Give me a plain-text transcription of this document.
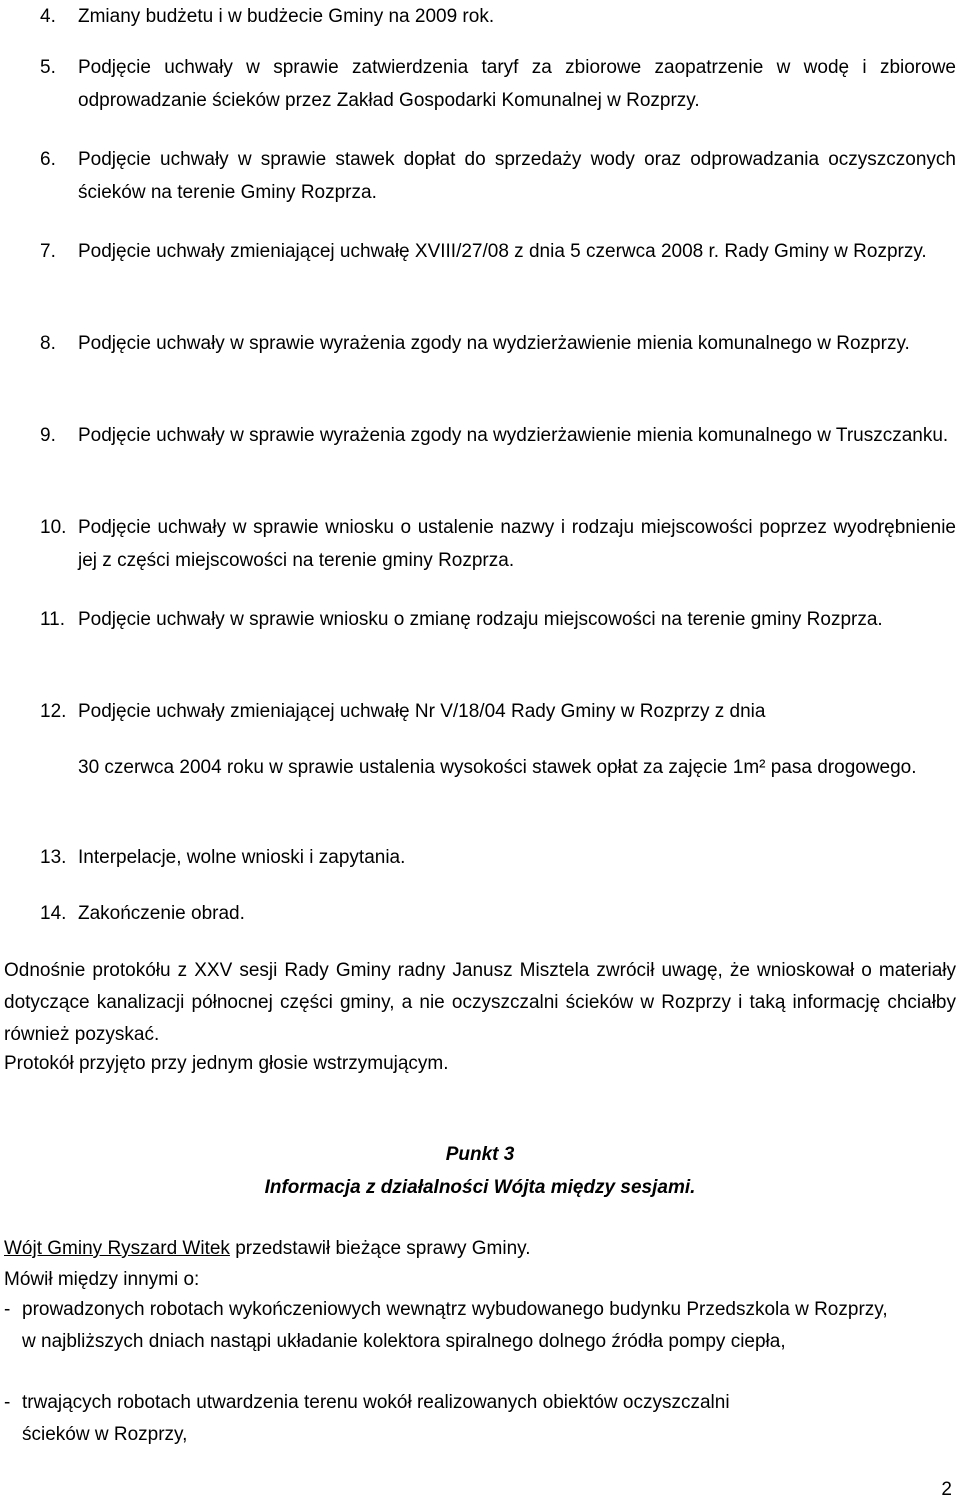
4.	Zmiany budżetu i w budżecie Gminy na 2009 rok.
5.	Podjęcie uchwały w sprawie zatwierdzenia taryf za zbiorowe zaopatrzenie w wodę i zbiorowe odprowadzanie ścieków przez Zakład Gospodarki Komunalnej w Rozprzy.
6.	Podjęcie uchwały w sprawie stawek dopłat do sprzedaży wody oraz odprowadzania oczyszczonych ścieków na terenie Gminy Rozprza.
7.	Podjęcie uchwały zmieniającej uchwałę XVIII/27/08 z dnia 5 czerwca 2008 r. Rady Gminy w Rozprzy.
8.	Podjęcie uchwały w sprawie wyrażenia zgody na wydzierżawienie mienia komunalnego w Rozprzy.
9.	Podjęcie uchwały w sprawie wyrażenia zgody na wydzierżawienie mienia komunalnego w Truszczanku.
10. Podjęcie uchwały w sprawie wniosku o ustalenie nazwy i rodzaju miejscowości poprzez wyodrębnienie jej z części miejscowości na terenie gminy Rozprza.
11. Podjęcie uchwały w sprawie wniosku o zmianę rodzaju miejscowości na terenie gminy Rozprza.
12. Podjęcie uchwały zmieniającej uchwałę Nr V/18/04 Rady Gminy w Rozprzy z dnia
30 czerwca 2004 roku w sprawie ustalenia wysokości stawek opłat za zajęcie 1m² pasa drogowego.
13. Interpelacje, wolne wnioski i zapytania.
14. Zakończenie obrad.
Odnośnie protokółu z XXV sesji Rady Gminy radny Janusz Misztela zwrócił uwagę, że wnioskował o materiały dotyczące kanalizacji północnej części gminy, a nie oczyszczalni ścieków w Rozprzy i taką informację chciałby również pozyskać.
Protokół przyjęto przy jednym głosie wstrzymującym.
Punkt 3
Informacja z działalności Wójta między sesjami.
Wójt Gminy Ryszard Witek przedstawił bieżące sprawy Gminy.
Mówił między innymi o:
- prowadzonych robotach wykończeniowych wewnątrz wybudowanego budynku Przedszkola w Rozprzy, w najbliższych dniach nastąpi układanie kolektora spiralnego dolnego źródła pompy ciepła,
- trwających robotach utwardzenia terenu wokół realizowanych obiektów oczyszczalni ścieków w Rozprzy,
2
